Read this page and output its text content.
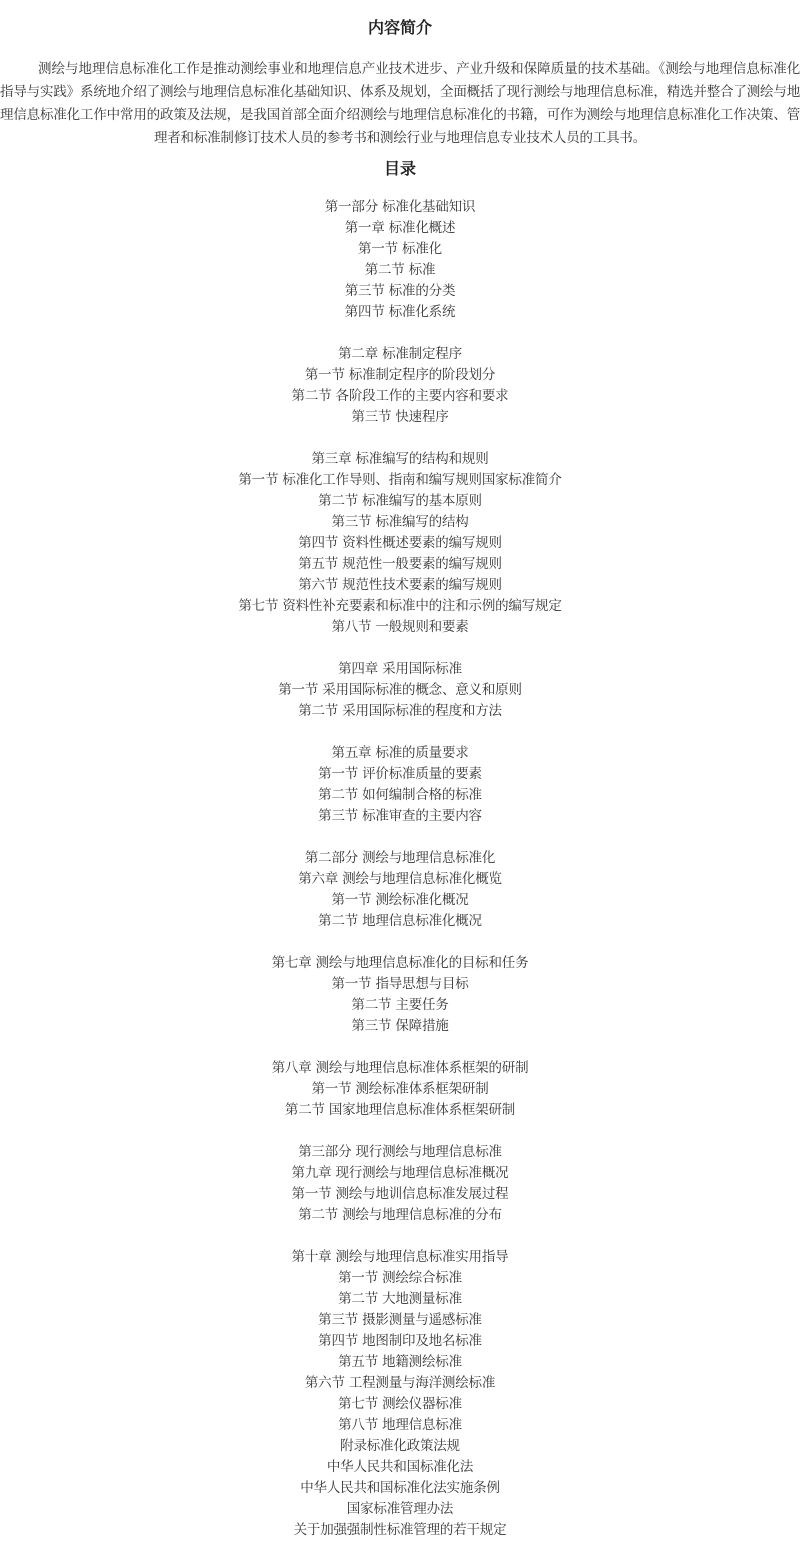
内容简介

测绘与地理信息标准化工作是推动测绘事业和地理信息产业技术进步、产业升级和保障质量的技术基础。《测绘与地理信息标准化指导与实践》系统地介绍了测绘与地理信息标准化基础知识、体系及规划，全面概括了现行测绘与地理信息标准，精选并整合了测绘与地理信息标准化工作中常用的政策及法规，是我国首部全面介绍测绘与地理信息标准化的书籍，可作为测绘与地理信息标准化工作决策、管理者和标准制修订技术人员的参考书和测绘行业与地理信息专业技术人员的工具书。

目录
第一部分 标准化基础知识
第一章 标准化概述
第一节 标准化
第二节 标准
第三节 标准的分类
第四节 标准化系统
第二章 标准制定程序
第一节 标准制定程序的阶段划分
第二节 各阶段工作的主要内容和要求
第三节 快速程序
第三章 标准编写的结构和规则
第一节 标准化工作导则、指南和编写规则国家标准简介
第二节 标准编写的基本原则
第三节 标准编写的结构
第四节 资料性概述要素的编写规则
第五节 规范性一般要素的编写规则
第六节 规范性技术要素的编写规则
第七节 资料性补充要素和标准中的注和示例的编写规定
第八节 一般规则和要素
第四章 采用国际标准
第一节 采用国际标准的概念、意义和原则
第二节 采用国际标准的程度和方法
第五章 标准的质量要求
第一节 评价标准质量的要素
第二节 如何编制合格的标准
第三节 标准审查的主要内容
第二部分 测绘与地理信息标准化
第六章 测绘与地理信息标准化概览
第一节 测绘标准化概况
第二节 地理信息标准化概况
第七章 测绘与地理信息标准化的目标和任务
第一节 指导思想与目标
第二节 主要任务
第三节 保障措施
第八章 测绘与地理信息标准体系框架的研制
第一节 测绘标准体系框架研制
第二节 国家地理信息标准体系框架研制
第三部分 现行测绘与地理信息标准
第九章 现行测绘与地理信息标准概况
第一节 测绘与地训信息标准发展过程
第二节 测绘与地理信息标准的分布
第十章 测绘与地理信息标准实用指导
第一节 测绘综合标准
第二节 大地测量标准
第三节 摄影测量与遥感标准
第四节 地图制印及地名标准
第五节 地籍测绘标准
第六节 工程测量与海洋测绘标准
第七节 测绘仪器标准
第八节 地理信息标准
附录标准化政策法规
中华人民共和国标准化法
中华人民共和国标准化法实施条例
国家标准管理办法
关于加强强制性标准管理的若干规定
